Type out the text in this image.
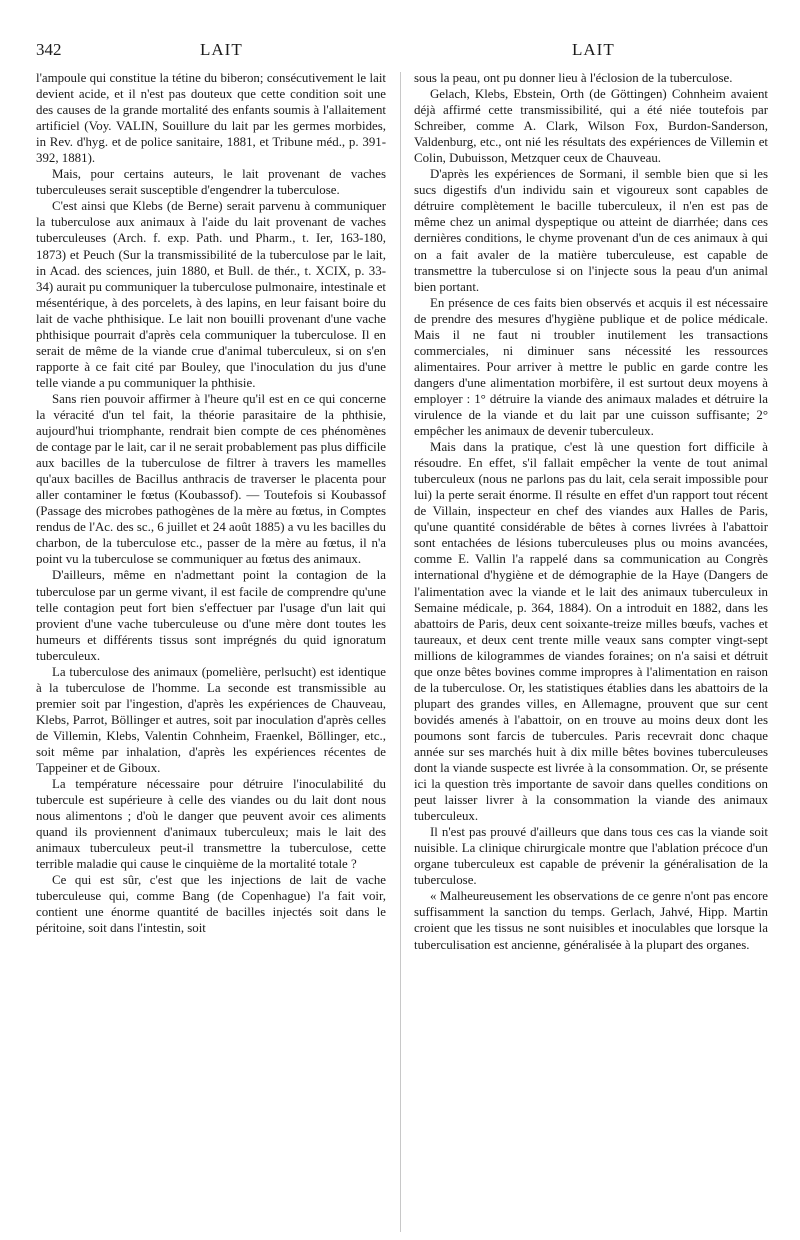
342	LAIT	LAIT

l'ampoule qui constitue la tétine du biberon; consécutivement le lait devient acide, et il n'est pas douteux que cette condition soit une des causes de la grande mortalité des enfants soumis à l'allaitement artificiel (Voy. VALIN, Souillure du lait par les germes morbides, in Rev. d'hyg. et de police sanitaire, 1881, et Tribune méd., p. 391-392, 1881).

Mais, pour certains auteurs, le lait provenant de vaches tuberculeuses serait susceptible d'engendrer la tuberculose.

C'est ainsi que Klebs (de Berne) serait parvenu à communiquer la tuberculose aux animaux à l'aide du lait provenant de vaches tuberculeuses (Arch. f. exp. Path. und Pharm., t. Ier, 163-180, 1873) et Peuch (Sur la transmissibilité de la tuberculose par le lait, in Acad. des sciences, juin 1880, et Bull. de thér., t. XCIX, p. 33-34) aurait pu communiquer la tuberculose pulmonaire, intestinale et mésentérique, à des porcelets, à des lapins, en leur faisant boire du lait de vache phthisique. Le lait non bouilli provenant d'une vache phthisique pourrait d'après cela communiquer la tuberculose. Il en serait de même de la viande crue d'animal tuberculeux, si on s'en rapporte à ce fait cité par Bouley, que l'inoculation du jus d'une telle viande a pu communiquer la phthisie.

Sans rien pouvoir affirmer à l'heure qu'il est en ce qui concerne la véracité d'un tel fait, la théorie parasitaire de la phthisie, aujourd'hui triomphante, rendrait bien compte de ces phénomènes de contage par le lait, car il ne serait probablement pas plus difficile aux bacilles de la tuberculose de filtrer à travers les mamelles qu'aux bacilles de Bacillus anthracis de traverser le placenta pour aller contaminer le fœtus (Koubassof). — Toutefois si Koubassof (Passage des microbes pathogènes de la mère au fœtus, in Comptes rendus de l'Ac. des sc., 6 juillet et 24 août 1885) a vu les bacilles du charbon, de la tuberculose etc., passer de la mère au fœtus, il n'a point vu la tuberculose se communiquer au fœtus des animaux.

D'ailleurs, même en n'admettant point la contagion de la tuberculose par un germe vivant, il est facile de comprendre qu'une telle contagion peut fort bien s'effectuer par l'usage d'un lait qui provient d'une vache tuberculeuse ou d'une mère dont toutes les humeurs et différents tissus sont imprégnés du quid ignoratum tuberculeux.

La tuberculose des animaux (pomelière, perlsucht) est identique à la tuberculose de l'homme. La seconde est transmissible au premier soit par l'ingestion, d'après les expériences de Chauveau, Klebs, Parrot, Böllinger et autres, soit par inoculation d'après celles de Villemin, Klebs, Valentin Cohnheim, Fraenkel, Böllinger, etc., soit même par inhalation, d'après les expériences récentes de Tappeiner et de Giboux.

La température nécessaire pour détruire l'inoculabilité du tubercule est supérieure à celle des viandes ou du lait dont nous nous alimentons ; d'où le danger que peuvent avoir ces aliments quand ils proviennent d'animaux tuberculeux; mais le lait des animaux tuberculeux peut-il transmettre la tuberculose, cette terrible maladie qui cause le cinquième de la mortalité totale ?

Ce qui est sûr, c'est que les injections de lait de vache tuberculeuse qui, comme Bang (de Copenhague) l'a fait voir, contient une énorme quantité de bacilles injectés soit dans le péritoine, soit dans l'intestin, soit

sous la peau, ont pu donner lieu à l'éclosion de la tuberculose.

Gelach, Klebs, Ebstein, Orth (de Göttingen) Cohnheim avaient déjà affirmé cette transmissibilité, qui a été niée toutefois par Schreiber, comme A. Clark, Wilson Fox, Burdon-Sanderson, Valdenburg, etc., ont nié les résultats des expériences de Villemin et Colin, Dubuisson, Metzquer ceux de Chauveau.

D'après les expériences de Sormani, il semble bien que si les sucs digestifs d'un individu sain et vigoureux sont capables de détruire complètement le bacille tuberculeux, il n'en est pas de même chez un animal dyspeptique ou atteint de diarrhée; dans ces dernières conditions, le chyme provenant d'un de ces animaux à qui on a fait avaler de la matière tuberculeuse, est capable de transmettre la tuberculose si on l'injecte sous la peau d'un animal bien portant.

En présence de ces faits bien observés et acquis il est nécessaire de prendre des mesures d'hygiène publique et de police médicale. Mais il ne faut ni troubler inutilement les transactions commerciales, ni diminuer sans nécessité les ressources alimentaires. Pour arriver à mettre le public en garde contre les dangers d'une alimentation morbifère, il est surtout deux moyens à employer : 1° détruire la viande des animaux malades et détruire la virulence de la viande et du lait par une cuisson suffisante; 2° empêcher les animaux de devenir tuberculeux.

Mais dans la pratique, c'est là une question fort difficile à résoudre. En effet, s'il fallait empêcher la vente de tout animal tuberculeux (nous ne parlons pas du lait, cela serait impossible pour lui) la perte serait énorme. Il résulte en effet d'un rapport tout récent de Villain, inspecteur en chef des viandes aux Halles de Paris, qu'une quantité considérable de bêtes à cornes livrées à l'abattoir sont entachées de lésions tuberculeuses plus ou moins avancées, comme E. Vallin l'a rappelé dans sa communication au Congrès international d'hygiène et de démographie de la Haye (Dangers de l'alimentation avec la viande et le lait des animaux tuberculeux in Semaine médicale, p. 364, 1884). On a introduit en 1882, dans les abattoirs de Paris, deux cent soixante-treize milles bœufs, vaches et taureaux, et deux cent trente mille veaux sans compter vingt-sept millions de kilogrammes de viandes foraines; on n'a saisi et détruit que onze bêtes bovines comme impropres à l'alimentation en raison de la tuberculose. Or, les statistiques établies dans les abattoirs de la plupart des grandes villes, en Allemagne, prouvent que sur cent bovidés amenés à l'abattoir, on en trouve au moins deux dont les poumons sont farcis de tubercules. Paris recevrait donc chaque année sur ses marchés huit à dix mille bêtes bovines tuberculeuses dont la viande suspecte est livrée à la consommation. Or, se présente ici la question très importante de savoir dans quelles conditions on peut laisser livrer à la consommation la viande des animaux tuberculeux.

Il n'est pas prouvé d'ailleurs que dans tous ces cas la viande soit nuisible. La clinique chirurgicale montre que l'ablation précoce d'un organe tuberculeux est capable de prévenir la généralisation de la tuberculose.

« Malheureusement les observations de ce genre n'ont pas encore suffisamment la sanction du temps. Gerlach, Jahvé, Hipp. Martin croient que les tissus ne sont nuisibles et inoculables que lorsque la tuberculisation est ancienne, généralisée à la plupart des organes.
